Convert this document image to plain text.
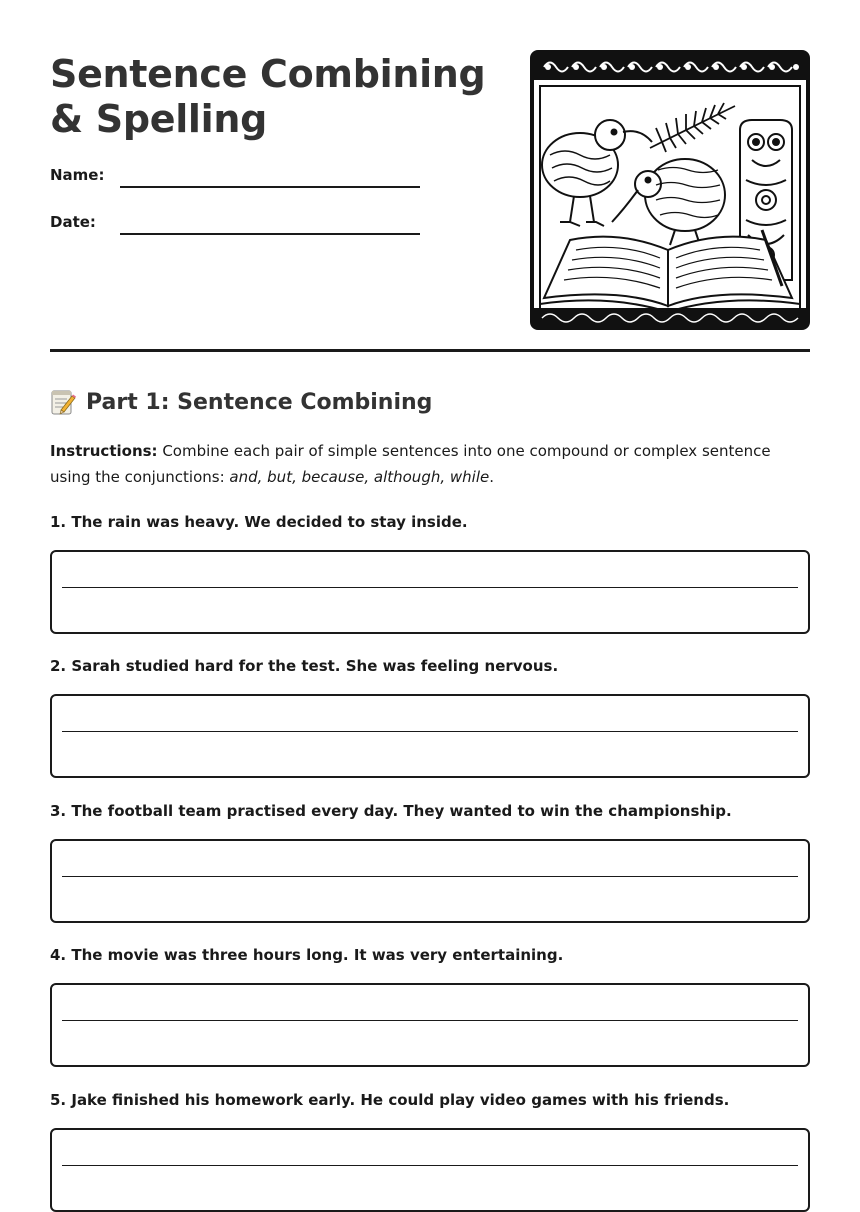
Sentence Combining & Spelling
Name:
Date:
Part 1: Sentence Combining

Instructions: Combine each pair of simple sentences into one compound or complex sentence using the conjunctions: and, but, because, although, while.

1. The rain was heavy. We decided to stay inside.

2. Sarah studied hard for the test. She was feeling nervous.

3. The football team practised every day. They wanted to win the championship.

4. The movie was three hours long. It was very entertaining.

5. Jake finished his homework early. He could play video games with his friends.
